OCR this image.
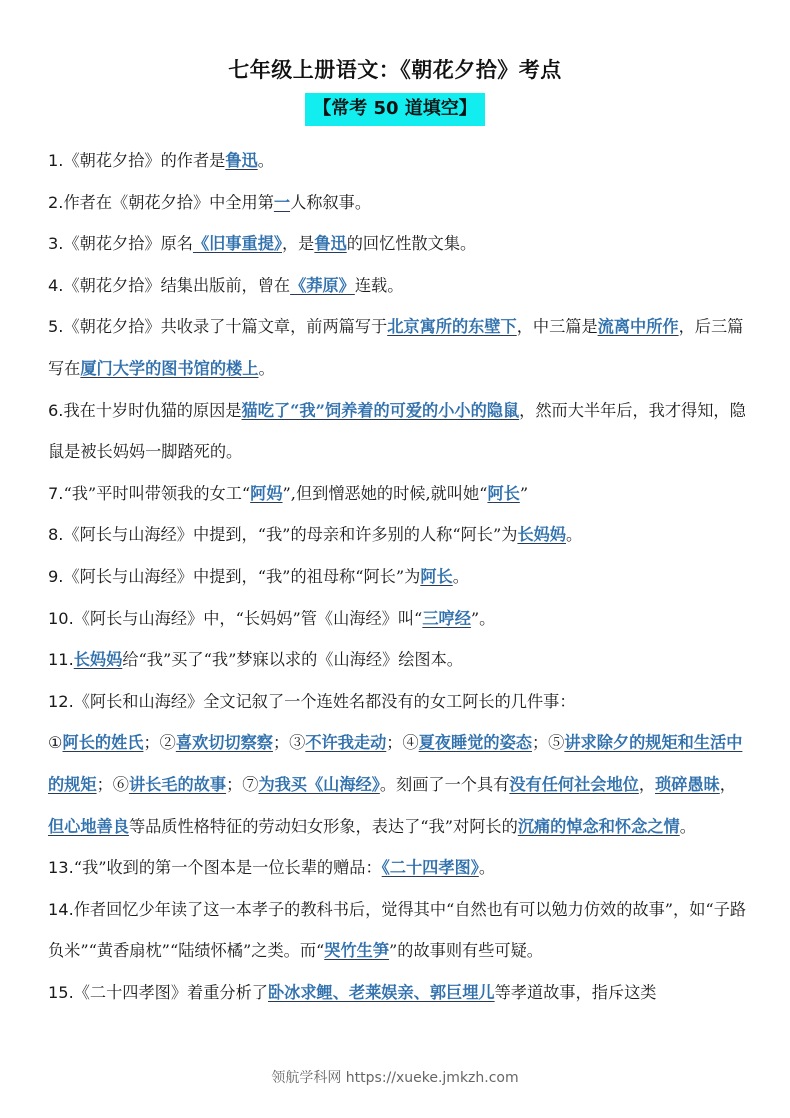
七年级上册语文：《朝花夕拾》考点
【常考 50 道填空】

1.《朝花夕拾》的作者是鲁迅。

2.作者在《朝花夕拾》中全用第一人称叙事。

3.《朝花夕拾》原名《旧事重提》，是鲁迅的回忆性散文集。

4.《朝花夕拾》结集出版前，曾在《莽原》连载。

5.《朝花夕拾》共收录了十篇文章，前两篇写于北京寓所的东壁下，中三篇是流离中所作，后三篇写在厦门大学的图书馆的楼上。

6.我在十岁时仇猫的原因是猫吃了“我”饲养着的可爱的小小的隐鼠，然而大半年后，我才得知，隐鼠是被长妈妈一脚踏死的。

7.“我”平时叫带领我的女工“阿妈”,但到憎恶她的时候,就叫她“阿长”

8.《阿长与山海经》中提到，“我”的母亲和许多别的人称“阿长”为长妈妈。

9.《阿长与山海经》中提到，“我”的祖母称“阿长”为阿长。

10.《阿长与山海经》中，“长妈妈”管《山海经》叫“三哼经”。

11.长妈妈给“我”买了“我”梦寐以求的《山海经》绘图本。

12.《阿长和山海经》全文记叙了一个连姓名都没有的女工阿长的几件事：

①阿长的姓氏；②喜欢切切察察；③不许我走动；④夏夜睡觉的姿态；⑤讲求除夕的规矩和生活中的规矩；⑥讲长毛的故事；⑦为我买《山海经》。刻画了一个具有没有任何社会地位，琐碎愚昧，但心地善良等品质性格特征的劳动妇女形象，表达了“我”对阿长的沉痛的悼念和怀念之情。

13.“我”收到的第一个图本是一位长辈的赠品：《二十四孝图》。

14.作者回忆少年读了这一本孝子的教科书后，觉得其中“自然也有可以勉力仿效的故事”，如“子路负米”“黄香扇枕”“陆绩怀橘”之类。而“哭竹生笋”的故事则有些可疑。

15.《二十四孝图》着重分析了卧冰求鲤、老莱娱亲、郭巨埋儿等孝道故事，指斥这类

领航学科网 https://xueke.jmkzh.com
